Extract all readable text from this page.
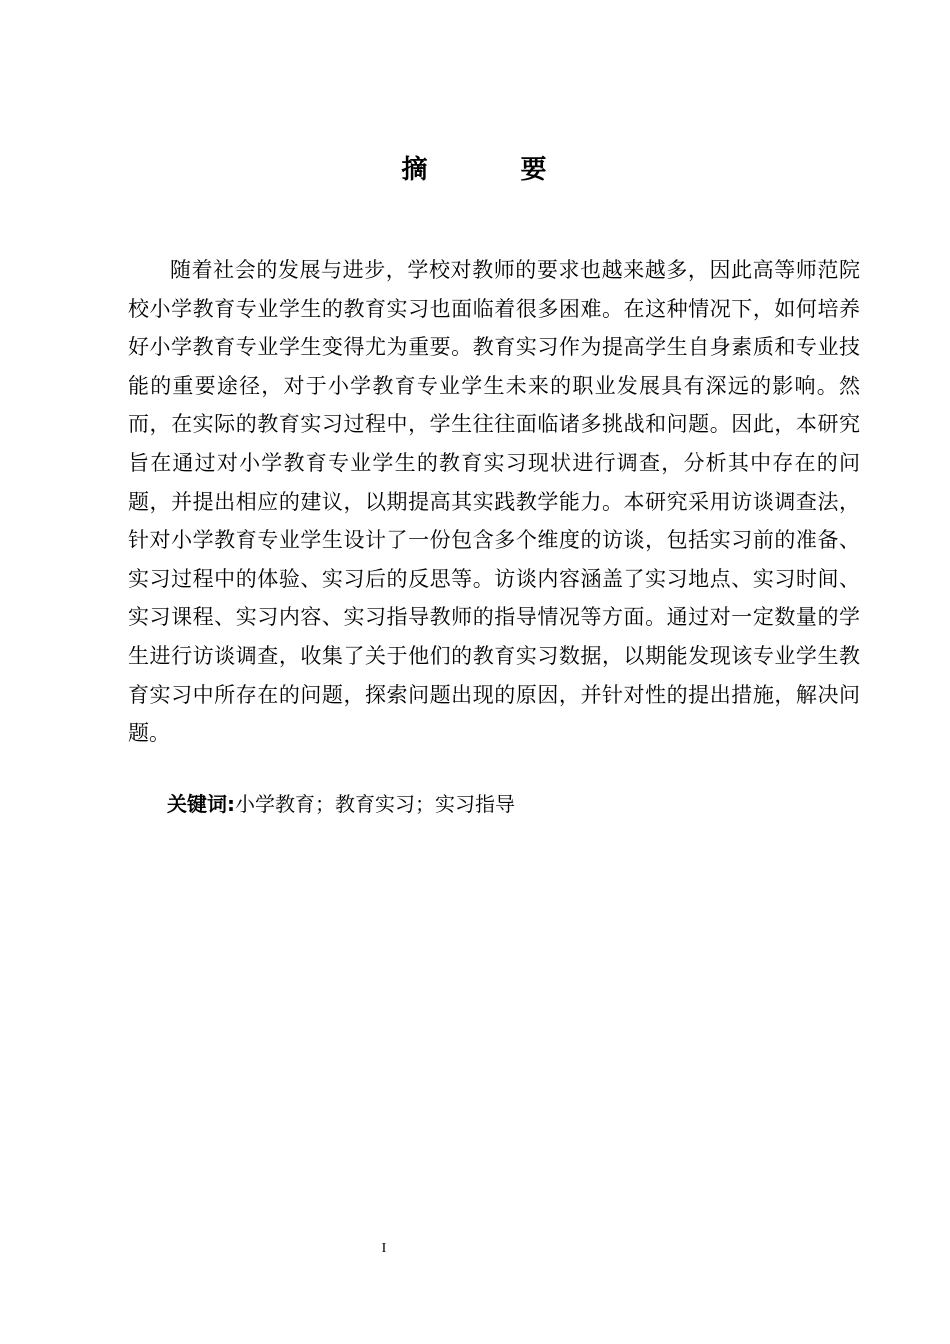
摘 要

随着社会的发展与进步，学校对教师的要求也越来越多，因此高等师范院校小学教育专业学生的教育实习也面临着很多困难。在这种情况下，如何培养好小学教育专业学生变得尤为重要。教育实习作为提高学生自身素质和专业技能的重要途径，对于小学教育专业学生未来的职业发展具有深远的影响。然而，在实际的教育实习过程中，学生往往面临诸多挑战和问题。因此，本研究旨在通过对小学教育专业学生的教育实习现状进行调查，分析其中存在的问题，并提出相应的建议，以期提高其实践教学能力。本研究采用访谈调查法，针对小学教育专业学生设计了一份包含多个维度的访谈，包括实习前的准备、实习过程中的体验、实习后的反思等。访谈内容涵盖了实习地点、实习时间、实习课程、实习内容、实习指导教师的指导情况等方面。通过对一定数量的学生进行访谈调查，收集了关于他们的教育实习数据，以期能发现该专业学生教育实习中所存在的问题，探索问题出现的原因，并针对性的提出措施，解决问题。

关键词:小学教育；教育实习；实习指导
I
